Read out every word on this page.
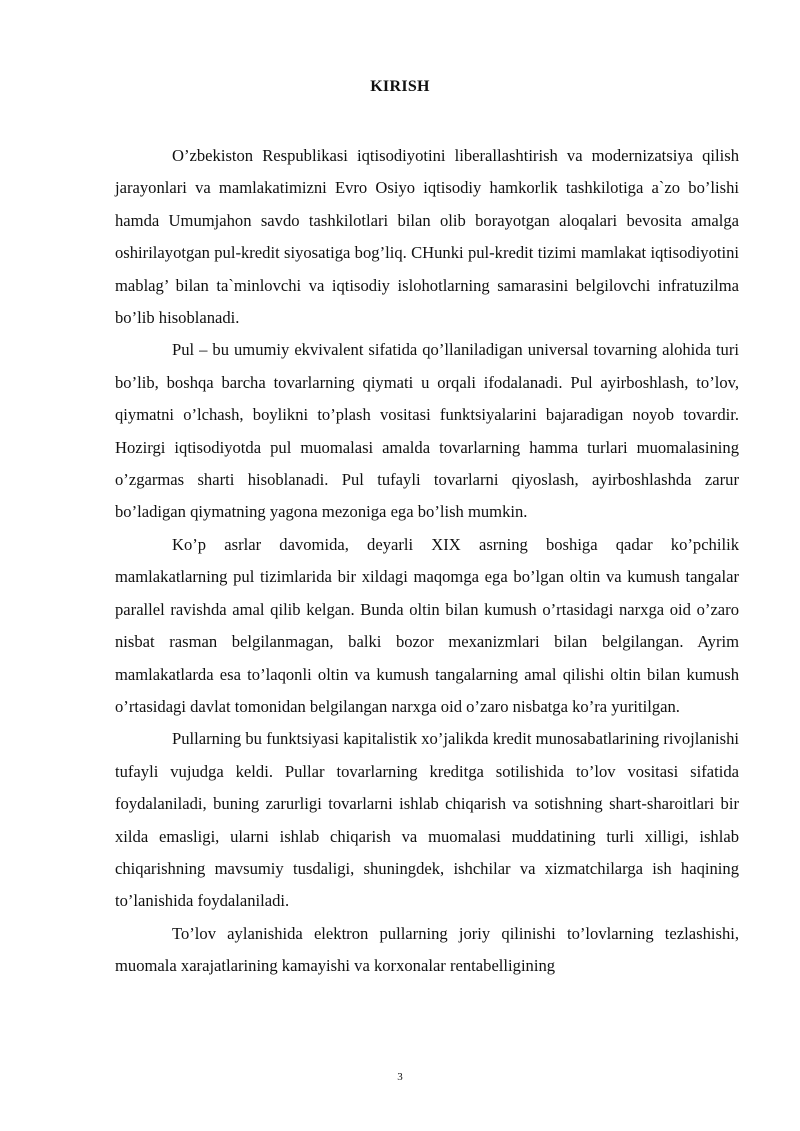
KIRISH

O’zbekiston Respublikasi iqtisodiyotini liberallashtirish va modernizatsiya qilish jarayonlari va mamlakatimizni Evro Osiyo iqtisodiy hamkorlik tashkilotiga a`zo bo’lishi hamda Umumjahon savdo tashkilotlari bilan olib borayotgan aloqalari bevosita amalga oshirilayotgan pul-kredit siyosatiga bog’liq. CHunki pul-kredit tizimi mamlakat iqtisodiyotini mablag’ bilan ta`minlovchi va iqtisodiy islohotlarning samarasini belgilovchi infratuzilma bo’lib hisoblanadi.

Pul – bu umumiy ekvivalent sifatida qo’llaniladigan universal tovarning alohida turi bo’lib, boshqa barcha tovarlarning qiymati u orqali ifodalanadi. Pul ayirboshlash, to’lov, qiymatni o’lchash, boylikni to’plash vositasi funktsiyalarini bajaradigan noyob tovardir. Hozirgi iqtisodiyotda pul muomalasi amalda tovarlarning hamma turlari muomalasining o’zgarmas sharti hisoblanadi. Pul tufayli tovarlarni qiyoslash, ayirboshlashda zarur bo’ladigan qiymatning yagona mezoniga ega bo’lish mumkin.

Ko’p asrlar davomida, deyarli XIX asrning boshiga qadar ko’pchilik mamlakatlarning pul tizimlarida bir xildagi maqomga ega bo’lgan oltin va kumush tangalar parallel ravishda amal qilib kelgan. Bunda oltin bilan kumush o’rtasidagi narxga oid o’zaro nisbat rasman belgilanmagan, balki bozor mexanizmlari bilan belgilangan. Ayrim mamlakatlarda esa to’laqonli oltin va kumush tangalarning amal qilishi oltin bilan kumush o’rtasidagi davlat tomonidan belgilangan narxga oid o’zaro nisbatga ko’ra yuritilgan.

Pullarning bu funktsiyasi kapitalistik xo’jalikda kredit munosabatlarining rivojlanishi tufayli vujudga keldi. Pullar tovarlarning kreditga sotilishida to’lov vositasi sifatida foydalaniladi, buning zarurligi tovarlarni ishlab chiqarish va sotishning shart-sharoitlari bir xilda emasligi, ularni ishlab chiqarish va muomalasi muddatining turli xilligi, ishlab chiqarishning mavsumiy tusdaligi, shuningdek, ishchilar va xizmatchilarga ish haqining to’lanishida foydalaniladi.

To’lov aylanishida elektron pullarning joriy qilinishi to’lovlarning tezlashishi, muomala xarajatlarining kamayishi va korxonalar rentabelligining

3
